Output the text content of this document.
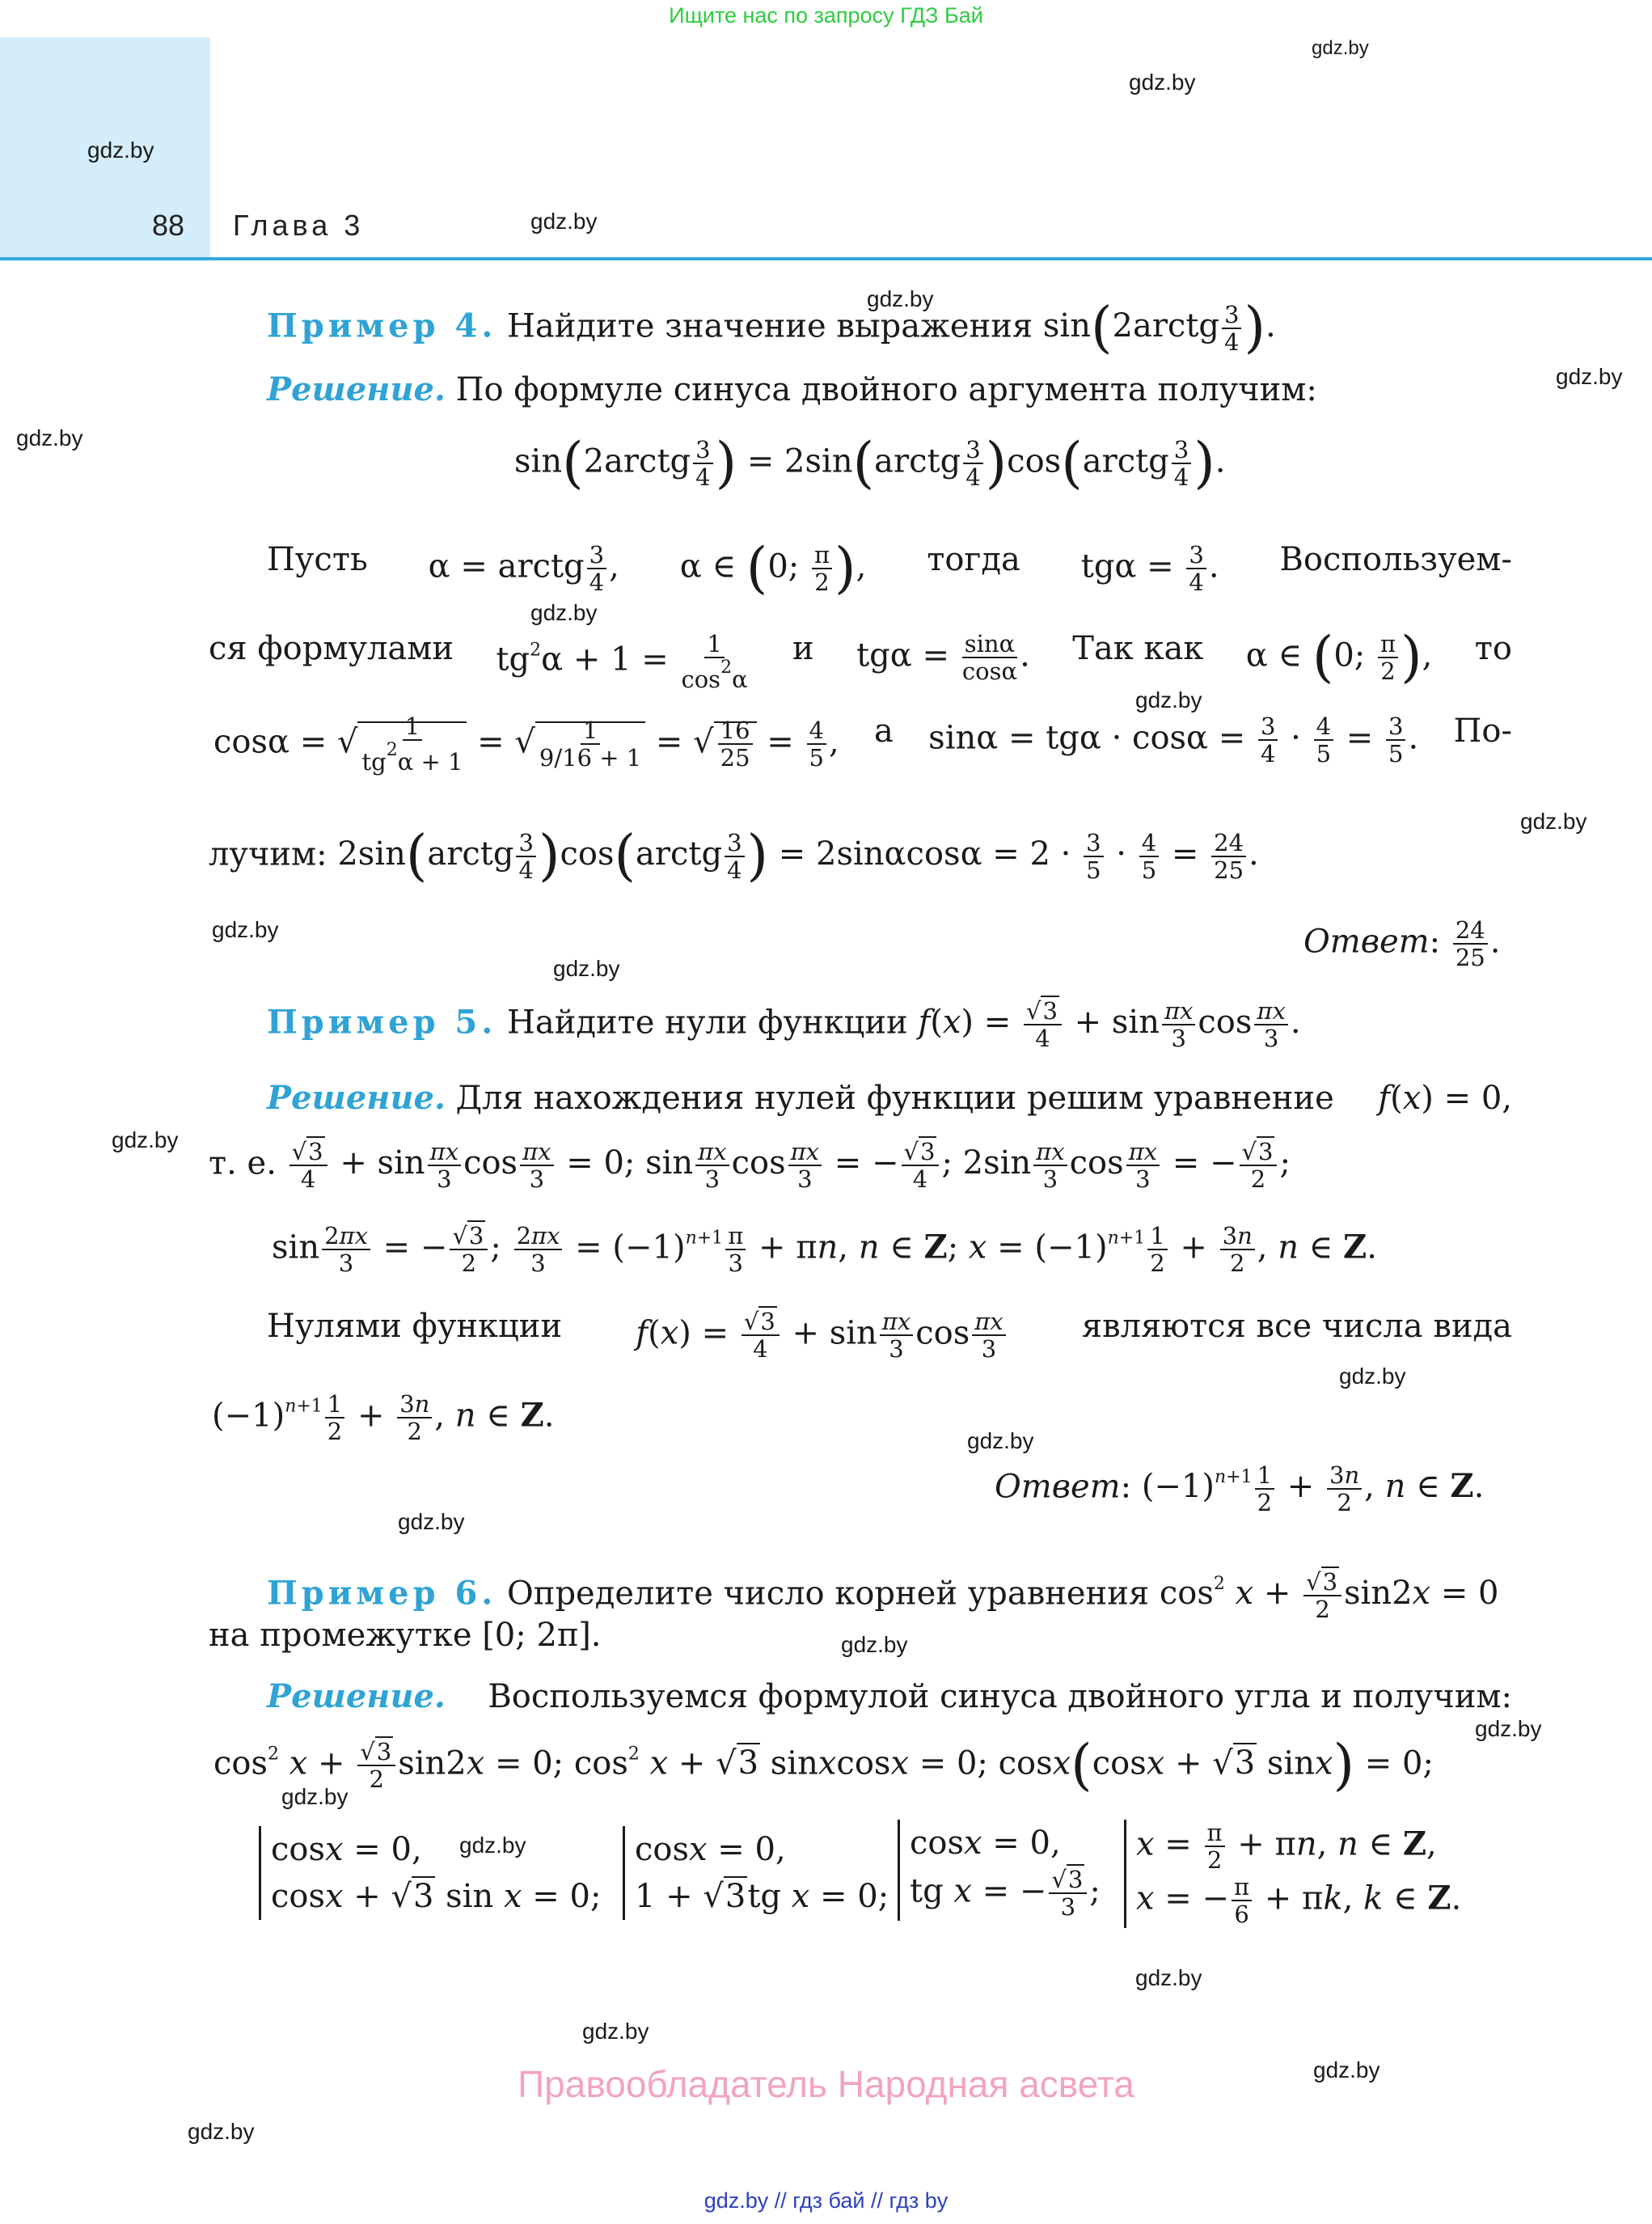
Ищите нас по запросу ГДЗ Бай
88 Глава 3
gdz.by
gdz.by
gdz.by
gdz.by
gdz.by
gdz.by
gdz.by
gdz.by
gdz.by
gdz.by
gdz.by
gdz.by
gdz.by
gdz.by
gdz.by
gdz.by
gdz.by
gdz.by
gdz.by
gdz.by
gdz.by
gdz.by
gdz.by
gdz.by
Пример 4. Найдите значение выражения sin(2arctg $\frac{3}{4}$ ).
Решение. По формуле синуса двойного аргумента получим:
sin(2arctg $\frac{3}{4}$ ) = 2sin(arctg $\frac{3}{4}$ )cos(arctg $\frac{3}{4}$ ).
Пусть α = arctg $\frac{3}{4}$ , α ∈ (0; $\frac{\pi}{2}$ ), тогда $tg\alpha = \frac{3}{4}$ . Воспользуем-
ся формулами $tg^2\alpha + 1 = \frac{1}{\cos^2\alpha}$ и $tg\alpha = \frac{\sin\alpha}{\cos\alpha}$ . Так как α ∈ (0; $\frac{\pi}{2}$ ), то
cosα = √ $\frac{1}{tg^2\alpha + 1}$ = √ $\frac{1}{9/16 + 1}$ = √ $\frac{16}{25} = \frac{4}{5}$ , а $\sin\alpha = tg\alpha \cdot \cos\alpha = \frac{3}{4} \cdot \frac{4}{5} = \frac{3}{5}$ . По-
лучим: 2sin(arctg $\frac{3}{4}$ )cos(arctg $\frac{3}{4}$ ) = $2\sin\alpha\cos\alpha = 2 \cdot \frac{3}{5} \cdot \frac{4}{5} = \frac{24}{25}$ .
Ответ: $\frac{24}{25}$ .
Пример 5. Найдите нули функции $f(x) = \frac{√3}{4} + \sin \frac{\pi x}{3}$ $\cos \frac{\pi x}{3}$ .
Решение. Для нахождения нулей функции решим уравнение f(x) = 0,
т. е. $\frac{√3}{4} + \sin \frac{\pi x}{3}$ $\cos \frac{\pi x}{3} = 0$; $\sin \frac{\pi x}{3}$ $\cos \frac{\pi x}{3}$ = − $\frac{√3}{4}$ ; $2\sin \frac{\pi x}{3}$ $\cos \frac{\pi x}{3}$ = − $\frac{√3}{2}$ ;
$\sin \frac{2\pi x}{3}$ = − $\frac{√3}{2}$ ; $\frac{2\pi x}{3} = (-1)^{n+1} \frac{\pi}{3} + \pi n$, n ∈ Z; $x = (-1)^{n+1} \frac{1}{2} + \frac{3n}{2}$ , n ∈ Z.
Нулями функции $f(x) = \frac{√3}{4} + \sin \frac{\pi x}{3}$ $\cos \frac{\pi x}{3}$ являются все числа вида
$(-1)^{n+1} \frac{1}{2} + \frac{3n}{2}$ , n ∈ Z.
Ответ: $(-1)^{n+1} \frac{1}{2} + \frac{3n}{2}$ , n ∈ Z.
Пример 6. Определите число корней уравнения $\cos^2 x + \frac{√3}{2} \sin 2x = 0$
на промежутке [0; 2π].
Решение. Воспользуемся формулой синуса двойного угла и получим:
$\cos^2 x + \frac{√3}{2} \sin 2x = 0$; $\cos^2 x + √3$ sinxcosx = 0; cosx(cosx + √3 sinx) = 0;
cosx = 0,
cosx + √3 sin x = 0;
cosx = 0,
1 + √3tg x = 0;
cosx = 0,
tg x = − $\frac{√3}{3}$ ;
$x = \frac{\pi}{2} + \pi n$, n ∈ Z,
x = − $\frac{\pi}{6} + \pi k$, k ∈ Z.
Правообладатель Народная асвета
gdz.by // гдз бай // гдз by
